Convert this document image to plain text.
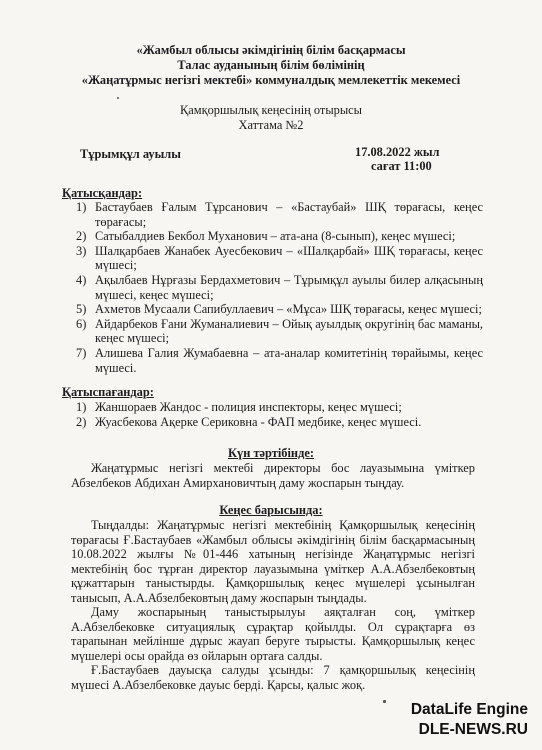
«Жамбыл облысы әкімдігінің білім басқармасы
Талас ауданының білім бөлімінің
«Жаңатұрмыс негізгі мектебі» коммуналдық мемлекеттік мекемесі
Қамқоршылық кеңесінің отырысы
Хаттама №2
Тұрымқұл ауылы	17.08.2022 жыл
сағат 11:00
Қатысқандар:
1) Бастаубаев Ғалым Тұрсанович – «Бастаубай» ШҚ төрағасы, кеңес төрағасы;
2) Сатыбалдиев Бекбол Муханович – ата-ана (8-сынып), кеңес мүшесі;
3) Шалқарбаев Жанабек Ауесбекович – «Шалқарбай» ШҚ төрағасы, кеңес мүшесі;
4) Ақылбаев Нұрғазы Бердахметович – Тұрымқұл ауылы билер алқасының мүшесі, кеңес мүшесі;
5) Ахметов Мусаали Сапибуллаевич – «Мұса» ШҚ төрағасы, кеңес мүшесі;
6) Айдарбеков Ғани Жуманалиевич – Ойық ауылдық округінің бас маманы, кеңес мүшесі;
7) Алишева Галия Жумабаевна – ата-аналар комитетінің төрайымы, кеңес мүшесі.
Қатыспағандар:
1) Жаншораев Жандос - полиция инспекторы, кеңес мүшесі;
2) Жуасбекова Ақерке Сериковна - ФАП медбике, кеңес мүшесі.
Күн тәртібінде:

Жаңатұрмыс негізгі мектебі директоры бос лауазымына үміткер Абзелбеков Абдихан Амирхановичтың даму жоспарын тыңдау.

Кеңес барысында:

Тыңдалды: Жаңатұрмыс негізгі мектебінің Қамқоршылық кеңесінің төрағасы Ғ.Бастаубаев «Жамбыл облысы әкімдігінің білім басқармасының 10.08.2022 жылғы №01-446 хатының негізінде Жаңатұрмыс негізгі мектебінің бос тұрған директор лауазымына үміткер А.А.Абзелбековтың құжаттарын таныстырды. Қамқоршылық кеңес мүшелері ұсынылған танысып, А.А.Абзелбековтың даму жоспарын тыңдады.

Даму жоспарының таныстырылуы аяқталған соң, үміткер А.Абзелбековке ситуациялық сұрақтар қойылды. Ол сұрақтарға өз тарапынан мейлінше дұрыс жауап беруге тырысты. Қамқоршылық кеңес мүшелері осы орайда өз ойларын ортаға салды.

Ғ.Бастаубаев дауысқа салуды ұсынды: 7 қамқоршылық кеңесінің мүшесі А.Абзелбековке дауыс берді. Қарсы, қалыс жоқ.

DataLife Engine
DLE-NEWS.RU
